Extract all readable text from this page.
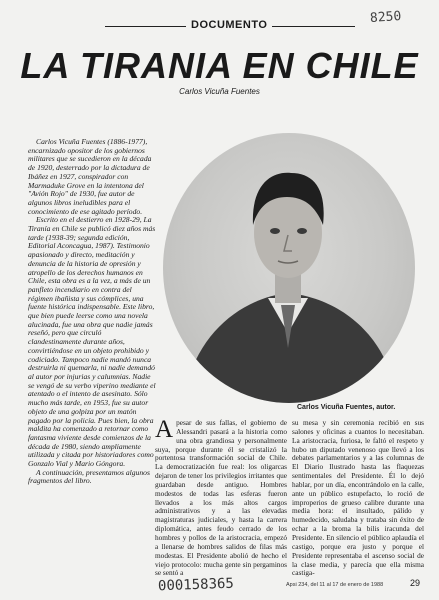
DOCUMENTO	8250
LA TIRANIA EN CHILE
Carlos Vicuña Fuentes

Carlos Vicuña Fuentes (1886-1977), encarnizado opositor de los gobiernos militares que se sucedieron en la década de 1920, desterrado por la dictadura de Ibáñez en 1927, conspirador con Marmaduke Grove en la intentona del "Avión Rojo" de 1930, fue autor de algunos libros ineludibles para el conocimiento de ese agitado período.

Escrito en el destierro en 1928-29, La Tiranía en Chile se publicó diez años más tarde (1938-39; segunda edición, Editorial Aconcagua, 1987). Testimonio apasionado y directo, meditación y denuncia de la historia de opresión y atropello de los derechos humanos en Chile, esta obra es a la vez, a más de un panfleto incendiario en contra del régimen ibañista y sus cómplices, una fuente histórica indispensable. Este libro, que bien puede leerse como una novela alucinada, fue una obra que nadie jamás reseñó, pero que circuló clandestinamente durante años, convirtiéndose en un objeto prohibido y codiciado. Tampoco nadie mandó nunca destruirla ni quemarla, ni nadie demandó al autor por injurias y calumnias. Nadie se vengó de su verbo viperino mediante el atentado o el intento de asesinato. Sólo mucho más tarde, en 1953, fue su autor objeto de una golpiza por un matón pagado por la policía. Pues bien, la obra maldita ha comenzado a retornar como fantasma viviente desde comienzos de la década de 1980, siendo ampliamente utilizada y citada por historiadores como Gonzalo Vial y Mario Góngora.

A continuación, presentamos algunos fragmentos del libro.

Carlos Vicuña Fuentes, autor.
Apesar de sus fallas, el gobierno de Alessandri pasará a la historia como una obra grandiosa y personalmente suya, porque durante él se cristalizó la portentosa transformación social de Chile. La democratización fue real: los oligarcas dejaron de tener los privilegios irritantes que guardaban desde antiguo. Hombres modestos de todas las esferas fueron llevados a los más altos cargos administrativos y a las elevadas magistraturas judiciales, y hasta la carrera diplomática, antes feudo cerrado de los hombres y pollos de la aristocracia, empezó a llenarse de hombres salidos de filas más modestas. El Presidente abolió de hecho el viejo protocolo: mucha gente sin pergaminos se sentó a
su mesa y sin ceremonia recibió en sus salones y oficinas a cuantos lo necesitaban. La aristocracia, furiosa, le faltó el respeto y hubo un diputado venenoso que llevó a los debates parlamentarios y a las columnas de El Diario Ilustrado hasta las flaquezas sentimentales del Presidente. Él lo dejó hablar, por un día, encontrándolo en la calle, ante un público estupefacto, lo roció de improperios de grueso calibre durante una media hora: el insultado, pálido y humedecido, saludaba y trataba sin éxito de echar a la broma la bilis iracunda del Presidente. En silencio el público aplaudía el castigo, porque era justo y porque el Presidente representaba el ascenso social de la clase media, y parecía que ella misma castiga-
000158365	Apsi 234, del 11 al 17 de enero de 1988	29
